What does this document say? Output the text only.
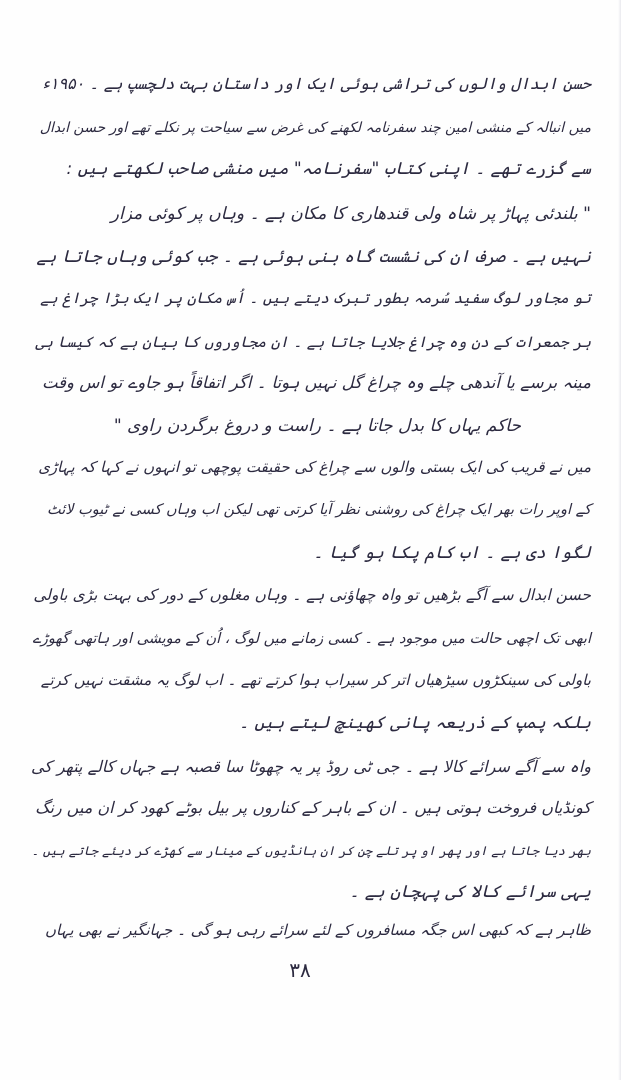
حسن ابدال والوں کی تراشی ہوئی ایک اور داستان بہت دلچسپ ہے ۔ ۱۹۵۰ء
میں انبالہ کے منشی امین چند سفرنامہ لکھنے کی غرض سے سیاحت پر نکلے تھے اور حسن ابدال
سے گزرے تھے ۔ اپنی کتاب "سفرنامہ" میں منشی صاحب لکھتے ہیں :
" بلندئی پہاڑ پر شاہ ولی قندھاری کا مکان ہے ۔ وہاں پر کوئی مزار
نہیں ہے ۔ صرف ان کی نشست گاہ بنی ہوئی ہے ۔ جب کوئی وہاں جاتا ہے
تو مجاور لوگ سفید سُرمہ بطور تبرک دیتے ہیں ۔ اُس مکان پر ایک بڑا چراغ ہے
ہر جمعرات کے دن وہ چراغ جلایا جاتا ہے ۔ ان مجاوروں کا بیان ہے کہ کیسا ہی
مینہ برسے یا آندھی چلے وہ چراغ گل نہیں ہوتا ۔ اگر اتفاقاً ہو جاوے تو اس وقت
حاکم یہاں کا بدل جاتا ہے ۔ راست و دروغ برگردن راوی "
میں نے قریب کی ایک بستی والوں سے چراغ کی حقیقت پوچھی تو انہوں نے کہا کہ پہاڑی
کے اوپر رات بھر ایک چراغ کی روشنی نظر آیا کرتی تھی لیکن اب وہاں کسی نے ٹیوب لائٹ
لگوا دی ہے ۔ اب کام پکا ہو گیا ۔
حسن ابدال سے آگے بڑھیں تو واہ چھاؤنی ہے ۔ وہاں مغلوں کے دور کی بہت بڑی باولی
ابھی تک اچھی حالت میں موجود ہے ۔ کسی زمانے میں لوگ ، اُن کے مویشی اور ہاتھی گھوڑے
باولی کی سینکڑوں سیڑھیاں اتر کر سیراب ہوا کرتے تھے ۔ اب لوگ یہ مشقت نہیں کرتے
بلکہ پمپ کے ذریعہ پانی کھینچ لیتے ہیں ۔
واہ سے آگے سرائے کالا ہے ۔ جی ٹی روڈ پر یہ چھوٹا سا قصبہ ہے جہاں کالے پتھر کی
کونڈیاں فروخت ہوتی ہیں ۔ ان کے باہر کے کناروں پر بیل بوٹے کھود کر ان میں رنگ
بھر دیا جاتا ہے اور پھر او پر تلے چن کر ان ہانڈیوں کے مینار سے کھڑے کر دیئے جاتے ہیں ۔
یہی سرائے کالا کی پہچان ہے ۔
ظاہر ہے کہ کبھی اس جگہ مسافروں کے لئے سرائے رہی ہو گی ۔ جہانگیر نے بھی یہاں
۳۸
